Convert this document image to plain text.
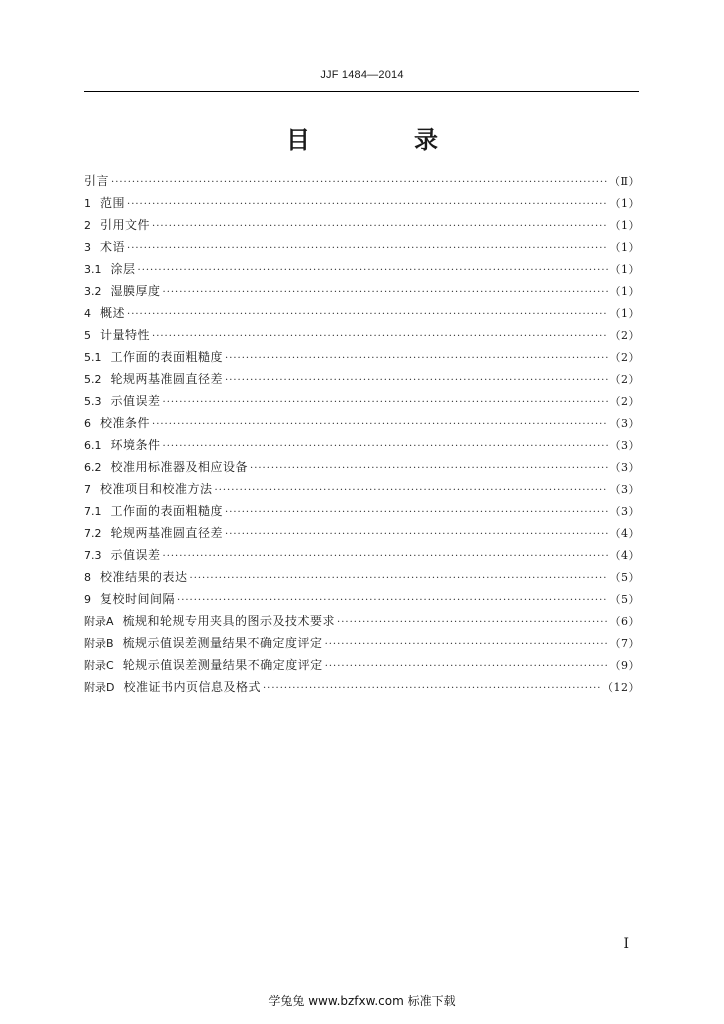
JJF 1484—2014
目　录
引言 ·····	（Ⅱ）
1 范围 ·····	（1）
2 引用文件 ·····	（1）
3 术语 ·····	（1）
3.1 涂层 ·····	（1）
3.2 湿膜厚度 ·····	（1）
4 概述 ·····	（1）
5 计量特性 ·····	（2）
5.1 工作面的表面粗糙度 ·····	（2）
5.2 轮规两基准圆直径差 ·····	（2）
5.3 示值误差 ·····	（2）
6 校准条件 ·····	（3）
6.1 环境条件 ·····	（3）
6.2 校准用标准器及相应设备 ·····	（3）
7 校准项目和校准方法 ·····	（3）
7.1 工作面的表面粗糙度 ·····	（3）
7.2 轮规两基准圆直径差 ·····	（4）
7.3 示值误差 ·····	（4）
8 校准结果的表达 ·····	（5）
9 复校时间间隔 ·····	（5）
附录A 梳规和轮规专用夹具的图示及技术要求 ·····	（6）
附录B 梳规示值误差测量结果不确定度评定 ·····	（7）
附录C 轮规示值误差测量结果不确定度评定 ·····	（9）
附录D 校准证书内页信息及格式 ·····	（12）
I
学兔兔 www.bzfxw.com 标准下载
